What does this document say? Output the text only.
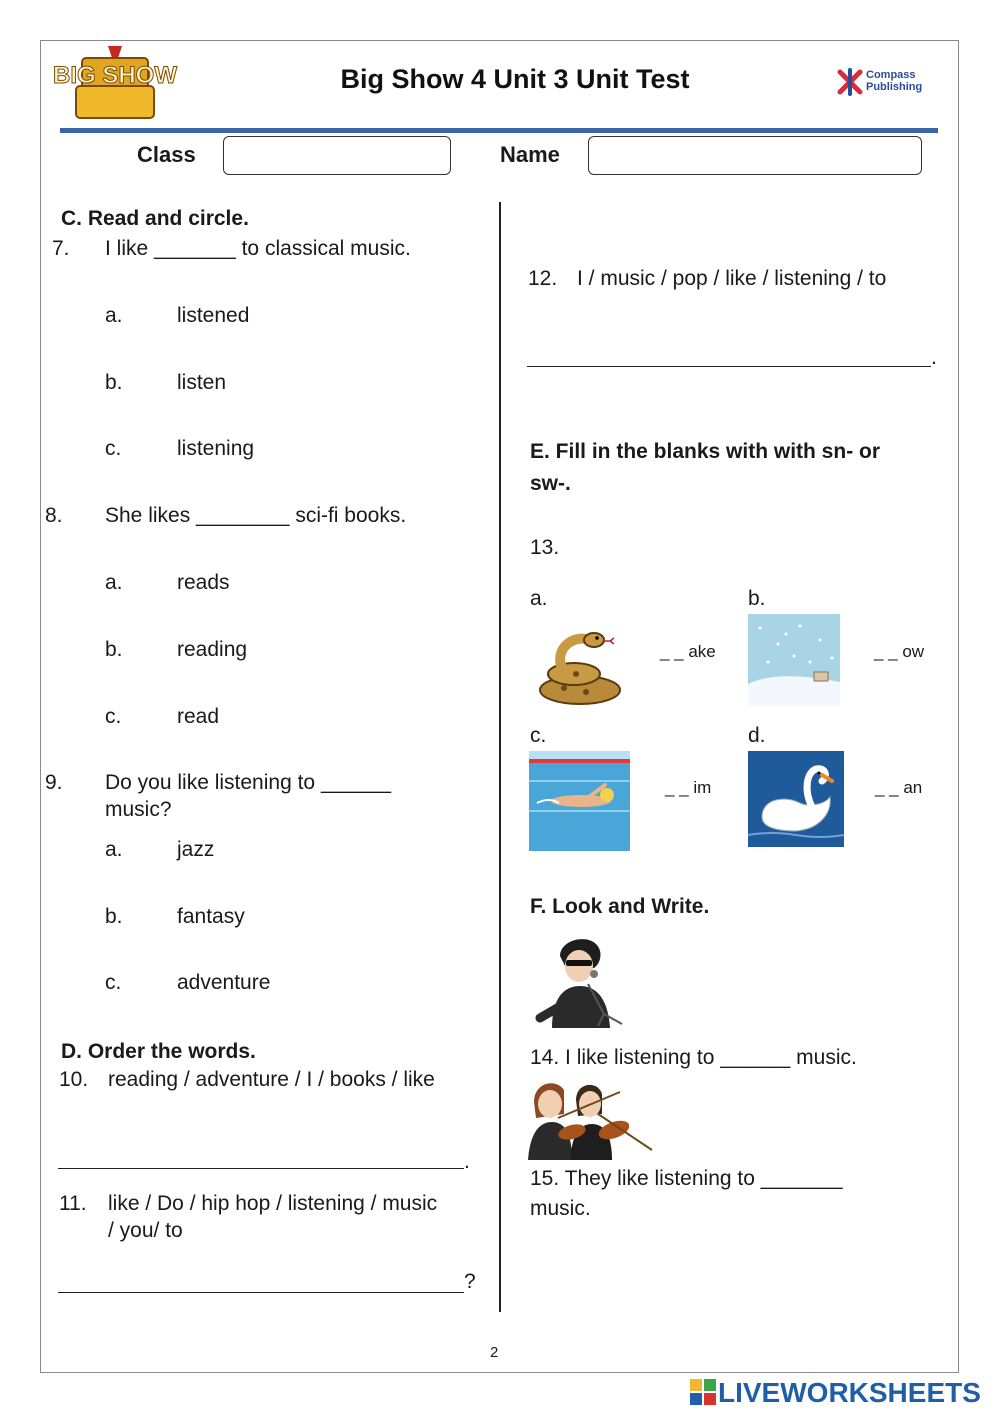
BIG SHOW	Big Show 4 Unit 3 Unit Test	Compass
Publishing
Class	Name
C. Read and circle.
7. I like _______ to classical music.
a.	listened
b.	listen
c.	listening
8. She likes ________ sci-fi books.
a.	reads
b.	reading
c.	read
9. Do you like listening to ______
music?
a.	jazz
b.	fantasy
c.	adventure
D. Order the words.
10. reading / adventure / I / books / like
.
11. like / Do / hip hop / listening / music
/ you/ to
?
12. I / music / pop / like / listening / to
.
E. Fill in the blanks with with sn- or
sw-.
13.
a.
_ _ ake
b.
_ _ ow
c.
_ _ im
d.
_ _ an
F. Look and Write.
14. I like listening to ______ music.
15. They like listening to _______
music.
2
LIVEWORKSHEETS
